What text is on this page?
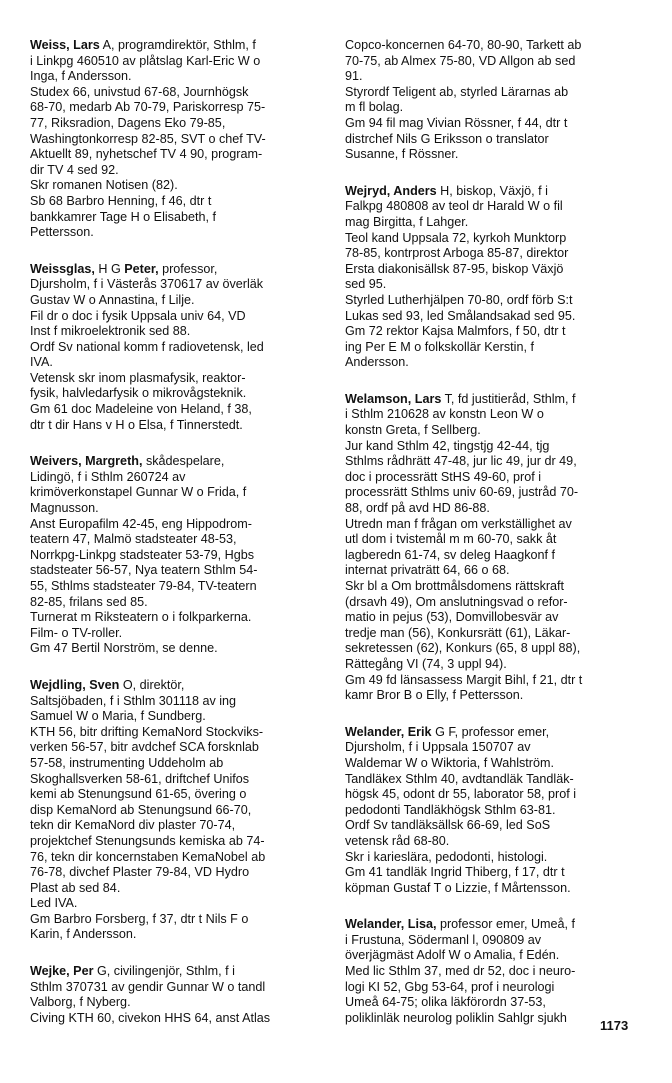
Weiss, Lars A, programdirektör, Sthlm, f
i Linkpg 460510 av plåtslag Karl-Eric W o
Inga, f Andersson.
Studex 66, univstud 67-68, Journhögsk
68-70, medarb Ab 70-79, Pariskorresp 75-
77, Riksradion, Dagens Eko 79-85,
Washingtonkorresp 82-85, SVT o chef TV-
Aktuellt 89, nyhetschef TV 4 90, program-
dir TV 4 sed 92.
Skr romanen Notisen (82).
Sb 68 Barbro Henning, f 46, dtr t
bankkamrer Tage H o Elisabeth, f
Pettersson.
Weissglas, H G Peter, professor,
Djursholm, f i Västerås 370617 av överläk
Gustav W o Annastina, f Lilje.
Fil dr o doc i fysik Uppsala univ 64, VD
Inst f mikroelektronik sed 88.
Ordf Sv national komm f radiovetensk, led
IVA.
Vetensk skr inom plasmafysik, reaktor-
fysik, halvledarfysik o mikrovågsteknik.
Gm 61 doc Madeleine von Heland, f 38,
dtr t dir Hans v H o Elsa, f Tinnerstedt.
Weivers, Margreth, skådespelare,
Lidingö, f i Sthlm 260724 av
krimöverkonstapel Gunnar W o Frida, f
Magnusson.
Anst Europafilm 42-45, eng Hippodrom-
teatern 47, Malmö stadsteater 48-53,
Norrkpg-Linkpg stadsteater 53-79, Hgbs
stadsteater 56-57, Nya teatern Sthlm 54-
55, Sthlms stadsteater 79-84, TV-teatern
82-85, frilans sed 85.
Turnerat m Riksteatern o i folkparkerna.
Film- o TV-roller.
Gm 47 Bertil Norström, se denne.
Wejdling, Sven O, direktör,
Saltsjöbaden, f i Sthlm 301118 av ing
Samuel W o Maria, f Sundberg.
KTH 56, bitr drifting KemaNord Stockviks-
verken 56-57, bitr avdchef SCA forsknlab
57-58, instrumenting Uddeholm ab
Skoghallsverken 58-61, driftchef Unifos
kemi ab Stenungsund 61-65, övering o
disp KemaNord ab Stenungsund 66-70,
tekn dir KemaNord div plaster 70-74,
projektchef Stenungsunds kemiska ab 74-
76, tekn dir koncernstaben KemaNobel ab
76-78, divchef Plaster 79-84, VD Hydro
Plast ab sed 84.
Led IVA.
Gm Barbro Forsberg, f 37, dtr t Nils F o
Karin, f Andersson.
Wejke, Per G, civilingenjör, Sthlm, f i
Sthlm 370731 av gendir Gunnar W o tandl
Valborg, f Nyberg.
Civing KTH 60, civekon HHS 64, anst Atlas
Copco-koncernen 64-70, 80-90, Tarkett ab
70-75, ab Almex 75-80, VD Allgon ab sed
91.
Styrordf Teligent ab, styrled Lärarnas ab
m fl bolag.
Gm 94 fil mag Vivian Rössner, f 44, dtr t
distrchef Nils G Eriksson o translator
Susanne, f Rössner.
Wejryd, Anders H, biskop, Växjö, f i
Falkpg 480808 av teol dr Harald W o fil
mag Birgitta, f Lahger.
Teol kand Uppsala 72, kyrkoh Munktorp
78-85, kontrprost Arboga 85-87, direktor
Ersta diakonisällsk 87-95, biskop Växjö
sed 95.
Styrled Lutherhjälpen 70-80, ordf förb S:t
Lukas sed 93, led Smålandsakad sed 95.
Gm 72 rektor Kajsa Malmfors, f 50, dtr t
ing Per E M o folkskollär Kerstin, f
Andersson.
Welamson, Lars T, fd justitieråd, Sthlm, f
i Sthlm 210628 av konstn Leon W o
konstn Greta, f Sellberg.
Jur kand Sthlm 42, tingstjg 42-44, tjg
Sthlms rådhrätt 47-48, jur lic 49, jur dr 49,
doc i processrätt StHS 49-60, prof i
processrätt Sthlms univ 60-69, justråd 70-
88, ordf på avd HD 86-88.
Utredn man f frågan om verkställighet av
utl dom i tvistemål m m 60-70, sakk åt
lagberedn 61-74, sv deleg Haagkonf f
internat privaträtt 64, 66 o 68.
Skr bl a Om brottmålsdomens rättskraft
(drsavh 49), Om anslutningsvad o refor-
matio in pejus (53), Domvillobesvär av
tredje man (56), Konkursrätt (61), Läkar-
sekretessen (62), Konkurs (65, 8 uppl 88),
Rättegång VI (74, 3 uppl 94).
Gm 49 fd länsassess Margit Bihl, f 21, dtr t
kamr Bror B o Elly, f Pettersson.
Welander, Erik G F, professor emer,
Djursholm, f i Uppsala 150707 av
Waldemar W o Wiktoria, f Wahlström.
Tandläkex Sthlm 40, avdtandläk Tandläk-
högsk 45, odont dr 55, laborator 58, prof i
pedodonti Tandläkhögsk Sthlm 63-81.
Ordf Sv tandläksällsk 66-69, led SoS
vetensk råd 68-80.
Skr i karieslära, pedodonti, histologi.
Gm 41 tandläk Ingrid Thiberg, f 17, dtr t
köpman Gustaf T o Lizzie, f Mårtensson.
Welander, Lisa, professor emer, Umeå, f
i Frustuna, Södermanl l, 090809 av
överjägmäst Adolf W o Amalia, f Edén.
Med lic Sthlm 37, med dr 52, doc i neuro-
logi KI 52, Gbg 53-64, prof i neurologi
Umeå 64-75; olika läkförordn 37-53,
poliklinläk neurolog poliklin Sahlgr sjukh
1173
